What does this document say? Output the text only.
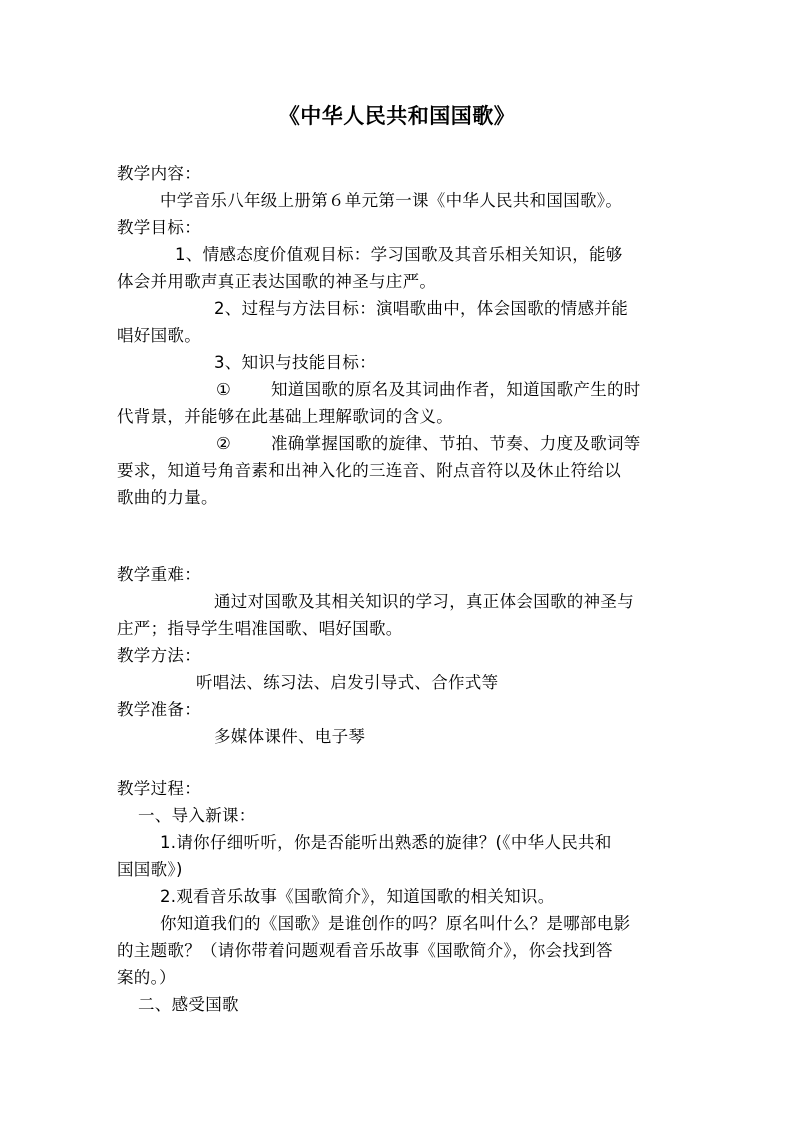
《中华人民共和国国歌》

教学内容：

中学音乐八年级上册第６单元第一课《中华人民共和国国歌》。

教学目标：

1、情感态度价值观目标：学习国歌及其音乐相关知识，能够

体会并用歌声真正表达国歌的神圣与庄严。

2、过程与方法目标：演唱歌曲中，体会国歌的情感并能

唱好国歌。

3、知识与技能目标：

① 知道国歌的原名及其词曲作者，知道国歌产生的时

代背景，并能够在此基础上理解歌词的含义。

② 准确掌握国歌的旋律、节拍、节奏、力度及歌词等

要求，知道号角音素和出神入化的三连音、附点音符以及休止符给以

歌曲的力量。

教学重难：

通过对国歌及其相关知识的学习，真正体会国歌的神圣与

庄严；指导学生唱准国歌、唱好国歌。

教学方法：

听唱法、练习法、启发引导式、合作式等

教学准备：

多媒体课件、电子琴

教学过程：

一、导入新课：

1.请你仔细听听，你是否能听出熟悉的旋律？(《中华人民共和

国国歌》)

2.观看音乐故事《国歌简介》，知道国歌的相关知识。

你知道我们的《国歌》是谁创作的吗？原名叫什么？是哪部电影

的主题歌？（请你带着问题观看音乐故事《国歌简介》，你会找到答

案的。）

二、感受国歌
